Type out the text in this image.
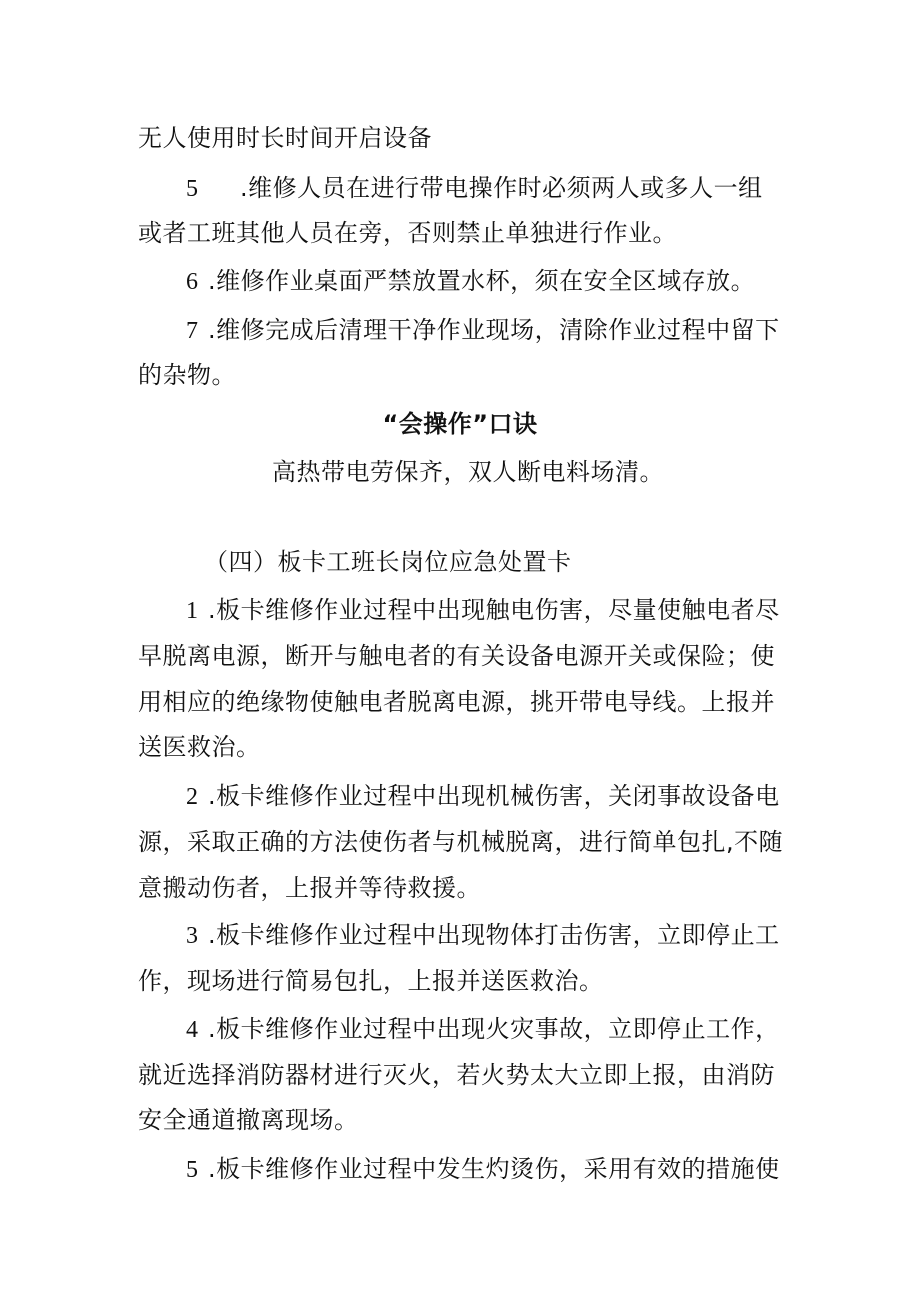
无人使用时长时间开启设备
5 .维修人员在进行带电操作时必须两人或多人一组
或者工班其他人员在旁，否则禁止单独进行作业。
6 .维修作业桌面严禁放置水杯，须在安全区域存放。
7 .维修完成后清理干净作业现场，清除作业过程中留下
的杂物。
“会操作”口诀
高热带电劳保齐，双人断电料场清。
（四）板卡工班长岗位应急处置卡
1 .板卡维修作业过程中出现触电伤害，尽量使触电者尽
早脱离电源，断开与触电者的有关设备电源开关或保险；使
用相应的绝缘物使触电者脱离电源，挑开带电导线。上报并
送医救治。
2 .板卡维修作业过程中出现机械伤害，关闭事故设备电
源，采取正确的方法使伤者与机械脱离，进行简单包扎,不随
意搬动伤者，上报并等待救援。
3 .板卡维修作业过程中出现物体打击伤害，立即停止工
作，现场进行简易包扎，上报并送医救治。
4 .板卡维修作业过程中出现火灾事故，立即停止工作，
就近选择消防器材进行灭火，若火势太大立即上报，由消防
安全通道撤离现场。
5 .板卡维修作业过程中发生灼烫伤，采用有效的措施使
